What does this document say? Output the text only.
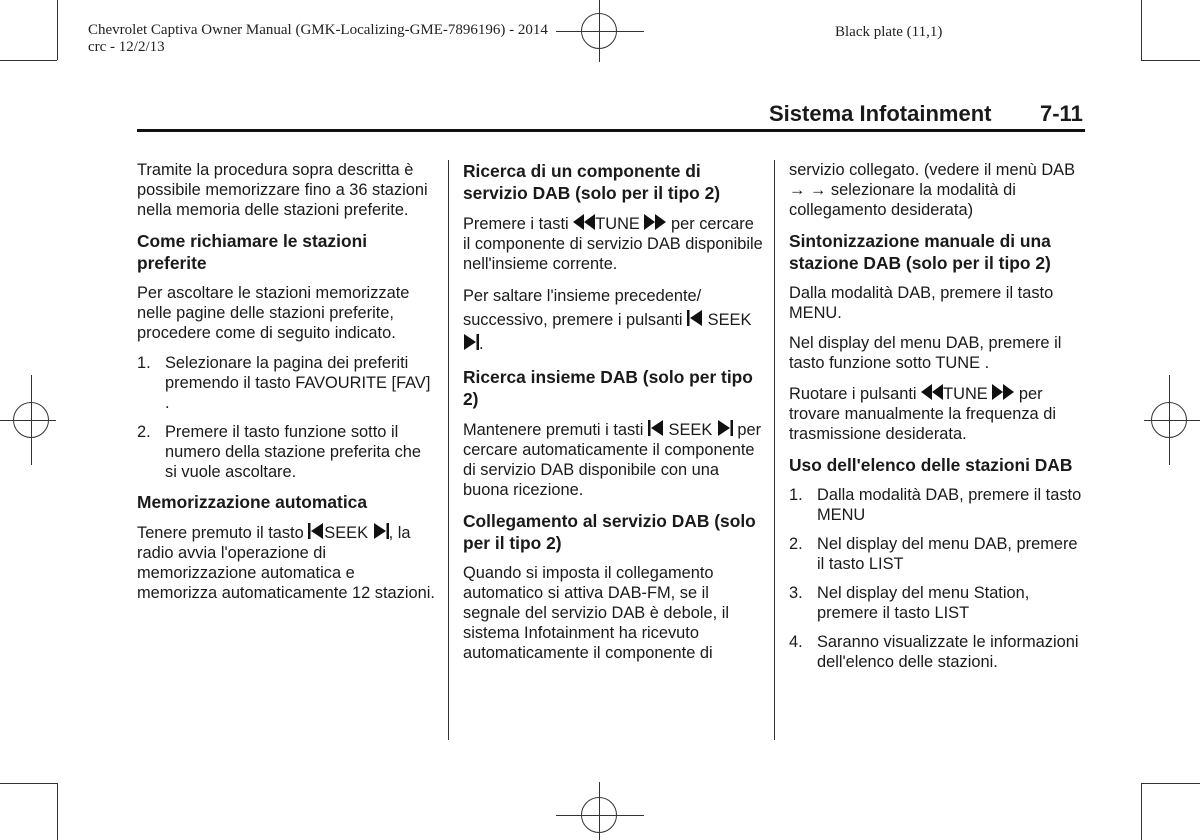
Chevrolet Captiva Owner Manual (GMK-Localizing-GME-7896196) - 2014
crc - 12/2/13
Black plate (11,1)
Sistema Infotainment 7-11

Tramite la procedura sopra descritta è possibile memorizzare fino a 36 stazioni nella memoria delle stazioni preferite.

Come richiamare le stazioni preferite

Per ascoltare le stazioni memorizzate nelle pagine delle stazioni preferite, procedere come di seguito indicato.

1. Selezionare la pagina dei preferiti premendo il tasto FAVOURITE [FAV] .
2. Premere il tasto funzione sotto il numero della stazione preferita che si vuole ascoltare.
Memorizzazione automatica

Tenere premuto il tasto SEEK , la radio avvia l'operazione di memorizzazione automatica e memorizza automaticamente 12 stazioni.

Ricerca di un componente di servizio DAB (solo per il tipo 2)

Premere i tasti TUNE per cercare il componente di servizio DAB disponibile nell'insieme corrente.

Per saltare l'insieme precedente/ successivo, premere i pulsanti SEEK
.

Ricerca insieme DAB (solo per tipo 2)

Mantenere premuti i tasti SEEK per cercare automaticamente il componente di servizio DAB disponibile con una buona ricezione.

Collegamento al servizio DAB (solo per il tipo 2)

Quando si imposta il collegamento automatico si attiva DAB-FM, se il segnale del servizio DAB è debole, il sistema Infotainment ha ricevuto automaticamente il componente di

servizio collegato. (vedere il menù DAB → → selezionare la modalità di collegamento desiderata)

Sintonizzazione manuale di una stazione DAB (solo per il tipo 2)

Dalla modalità DAB, premere il tasto MENU.

Nel display del menu DAB, premere il tasto funzione sotto TUNE .

Ruotare i pulsanti TUNE per trovare manualmente la frequenza di trasmissione desiderata.

Uso dell'elenco delle stazioni DAB
1. Dalla modalità DAB, premere il tasto MENU
2. Nel display del menu DAB, premere il tasto LIST
3. Nel display del menu Station, premere il tasto LIST
4. Saranno visualizzate le informazioni dell'elenco delle stazioni.
